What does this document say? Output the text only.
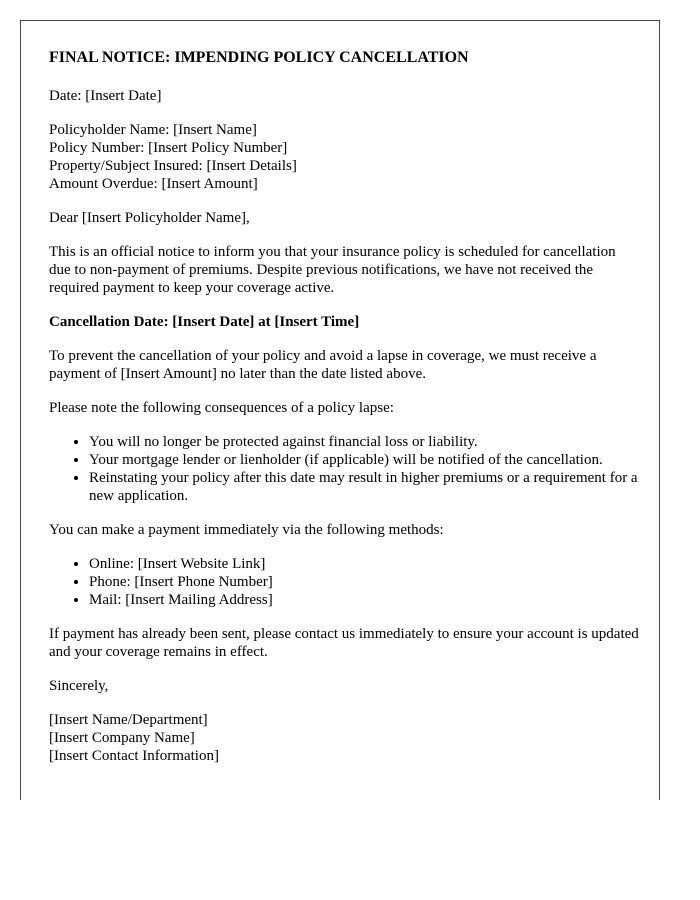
FINAL NOTICE: IMPENDING POLICY CANCELLATION

Date: [Insert Date]

Policyholder Name: [Insert Name]

Policy Number: [Insert Policy Number]

Property/Subject Insured: [Insert Details]

Amount Overdue: [Insert Amount]

Dear [Insert Policyholder Name],

This is an official notice to inform you that your insurance policy is scheduled for cancellation due to non-payment of premiums. Despite previous notifications, we have not received the required payment to keep your coverage active.

Cancellation Date: [Insert Date] at [Insert Time]

To prevent the cancellation of your policy and avoid a lapse in coverage, we must receive a payment of [Insert Amount] no later than the date listed above.

Please note the following consequences of a policy lapse:

• You will no longer be protected against financial loss or liability.
• Your mortgage lender or lienholder (if applicable) will be notified of the cancellation.
• Reinstating your policy after this date may result in higher premiums or a requirement for a new application.

You can make a payment immediately via the following methods:

• Online: [Insert Website Link]
• Phone: [Insert Phone Number]
• Mail: [Insert Mailing Address]

If payment has already been sent, please contact us immediately to ensure your account is updated and your coverage remains in effect.

Sincerely,

[Insert Name/Department]

[Insert Company Name]

[Insert Contact Information]
